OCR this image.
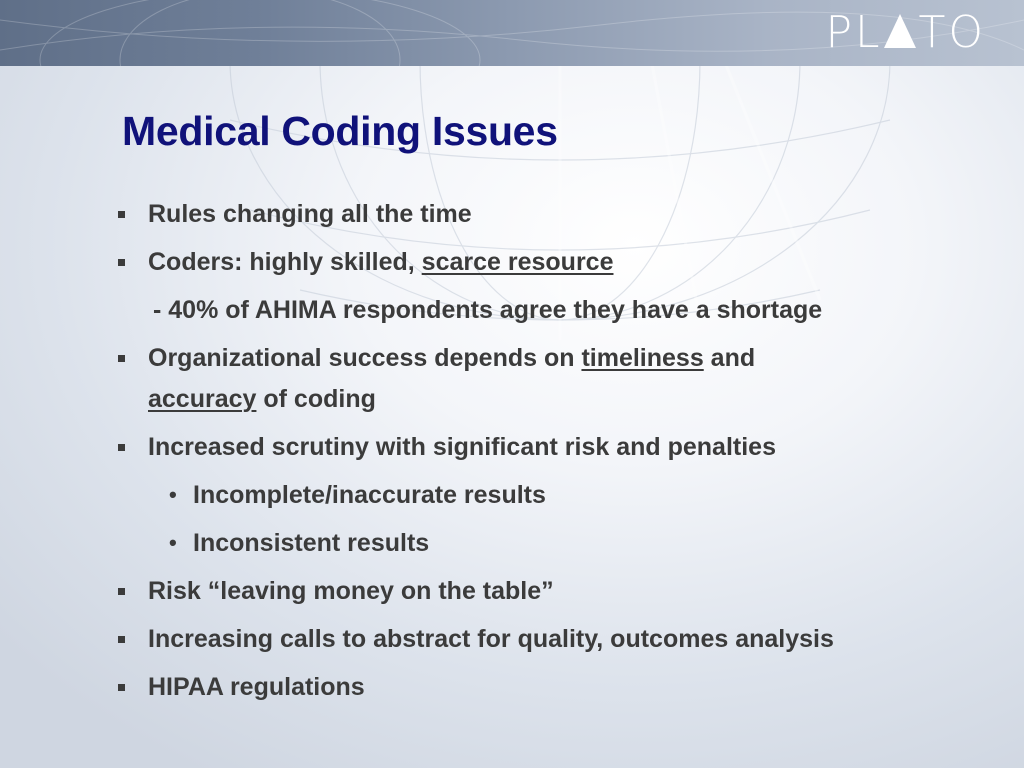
PL TO
Medical Coding Issues
Rules changing all the time
Coders: highly skilled, scarce resource
- 40% of AHIMA respondents agree they have a shortage
Organizational success depends on timeliness and
accuracy of coding
Increased scrutiny with significant risk and penalties
• Incomplete/inaccurate results
• Inconsistent results
Risk “leaving money on the table”
Increasing calls to abstract for quality, outcomes analysis
HIPAA regulations
